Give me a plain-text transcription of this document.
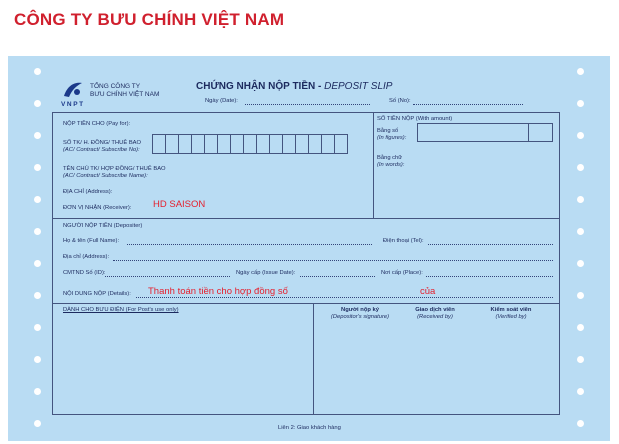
CÔNG TY BƯU CHÍNH VIỆT NAM
VNPT
TỔNG CÔNG TY
BƯU CHÍNH VIỆT NAM
CHỨNG NHẬN NỘP TIỀN - DEPOSIT SLIP
Ngày (Date):	Số (No):
NỘP TIỀN CHO (Pay for):
SỐ TK/ H. ĐỒNG/ THUÊ BAO
(AC/ Contract/ Subscribe No):
TÊN CHỦ TK/ HỢP ĐỒNG/ THUÊ BAO
(AC/ Contract/ Subscribe Name):
ĐỊA CHỈ (Address):
ĐƠN VỊ NHẬN (Receiver): HD SAISON
SỐ TIỀN NỘP (With amount)
Bằng số
(In figures):
Bằng chữ
(In words):
NGƯỜI NỘP TIỀN (Depositer)
Họ & tên (Full Name):	Điện thoại (Tel):
Địa chỉ (Address):
CMTND Số (ID):	Ngày cấp (Issue Date):	Nơi cấp (Place):
NỘI DUNG NỘP (Details): Thanh toán tiền cho hợp đồng số	của
DÀNH CHO BƯU ĐIỆN (For Post's use only)	Người nộp ký
(Depositor's signature)
Giao dịch viên
(Received by)
Kiểm soát viên
(Verified by)
Liên 2: Giao khách hàng
